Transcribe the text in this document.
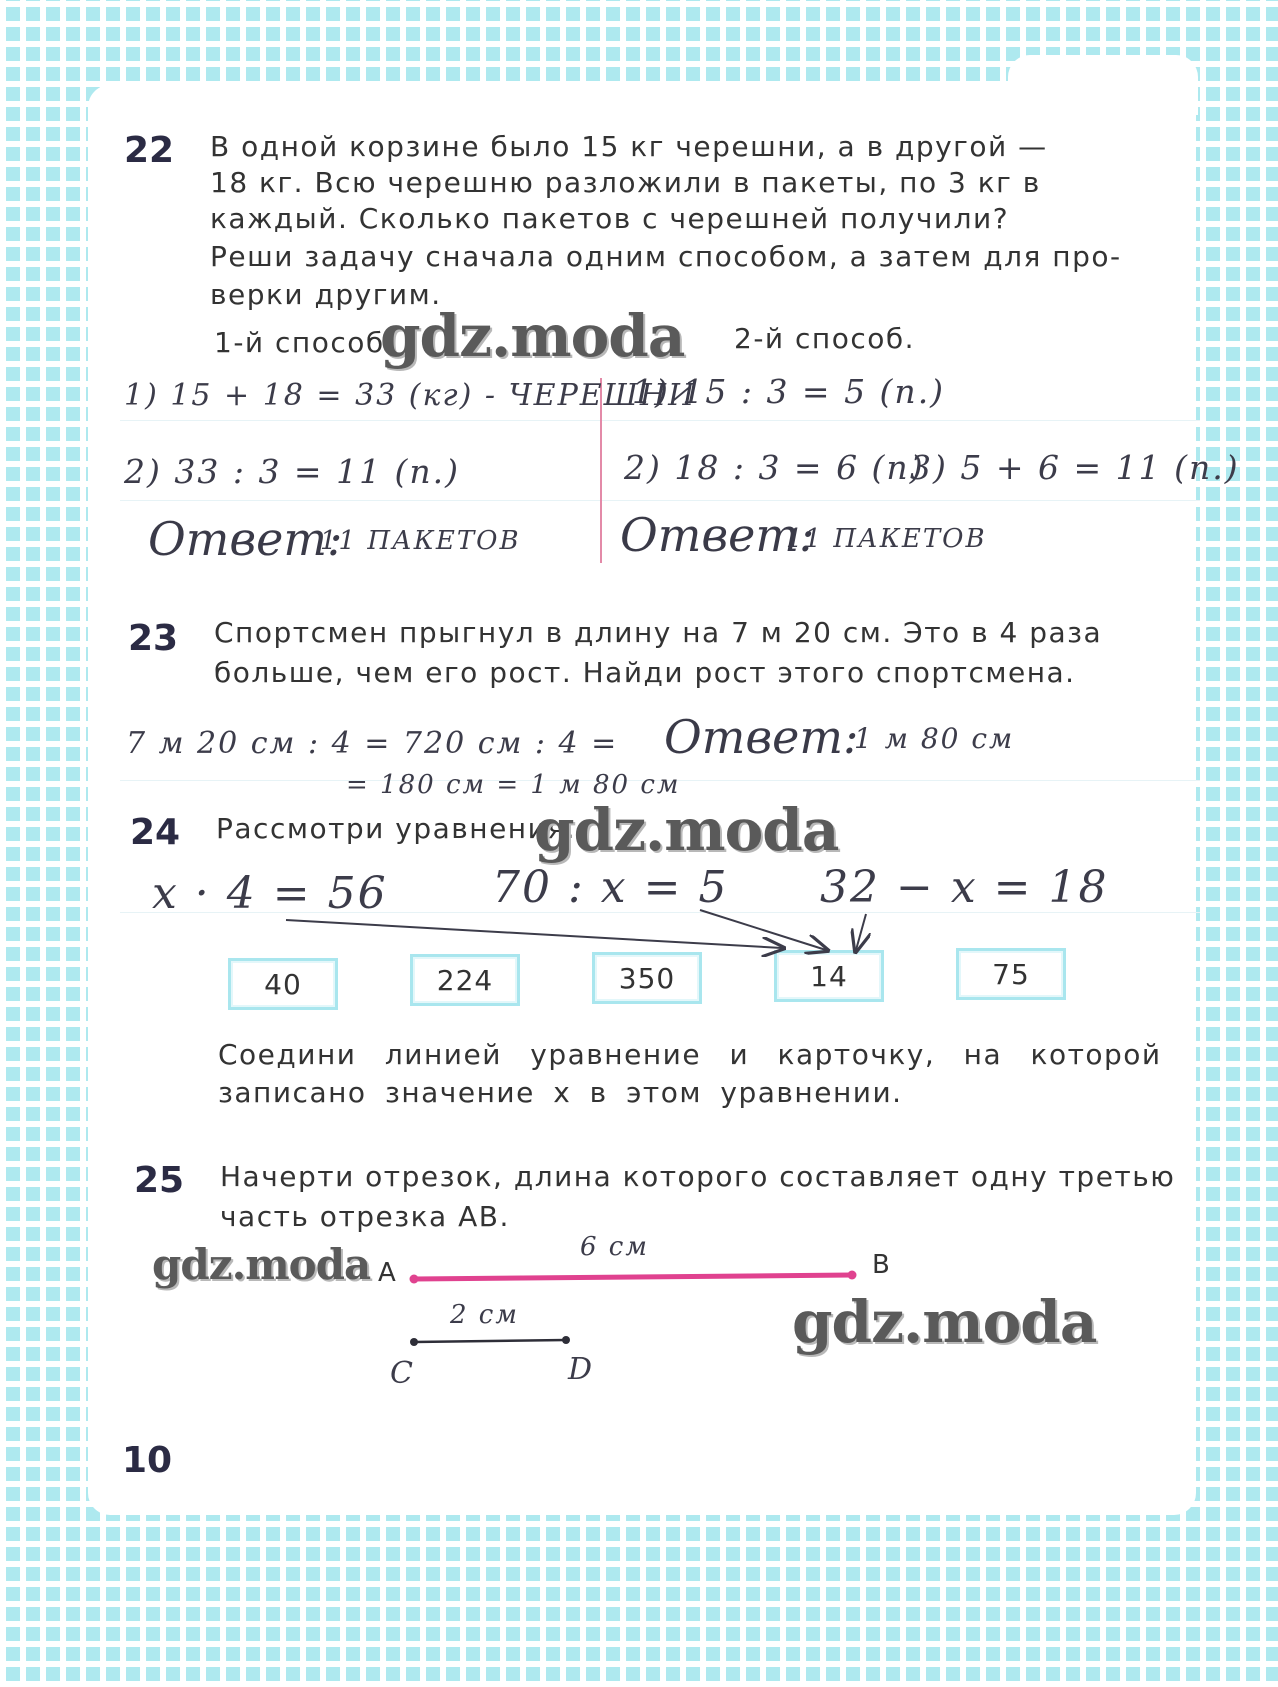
22 В одной корзине было 15 кг черешни, а в другой —
18 кг. Всю черешню разложили в пакеты, по 3 кг в
каждый. Сколько пакетов с черешней получили?
Реши задачу сначала одним способом, а затем для про-
верки другим.
1-й способ.
gdz.moda 2-й способ.
1) 15 + 18 = 33 (кг) - ЧЕРЕШНИ
2) 33 : 3 = 11 (п.)
Ответ:
11 ПАКЕТОВ
1) 15 : 3 = 5 (п.)
2) 18 : 3 = 6 (п)
3) 5 + 6 = 11 (п.)
Ответ:
11 ПАКЕТОВ
23 Спортсмен прыгнул в длину на 7 м 20 см. Это в 4 раза
больше, чем его рост. Найди рост этого спортсмена.
7 м 20 см : 4 = 720 см : 4 =
= 180 см = 1 м 80 см
Ответ:
1 м 80 см
24 Рассмотри уравнения.
gdz.moda
x · 4 = 56 70 : x = 5 32 − x = 18
40	224	350	14	75
Соедини линией уравнение и карточку, на которой
записано значение x в этом уравнении.
25 Начерти отрезок, длина которого составляет одну третью
часть отрезка AB.
gdz.moda A	B
6 см
2 см
C	D
gdz.moda
10
